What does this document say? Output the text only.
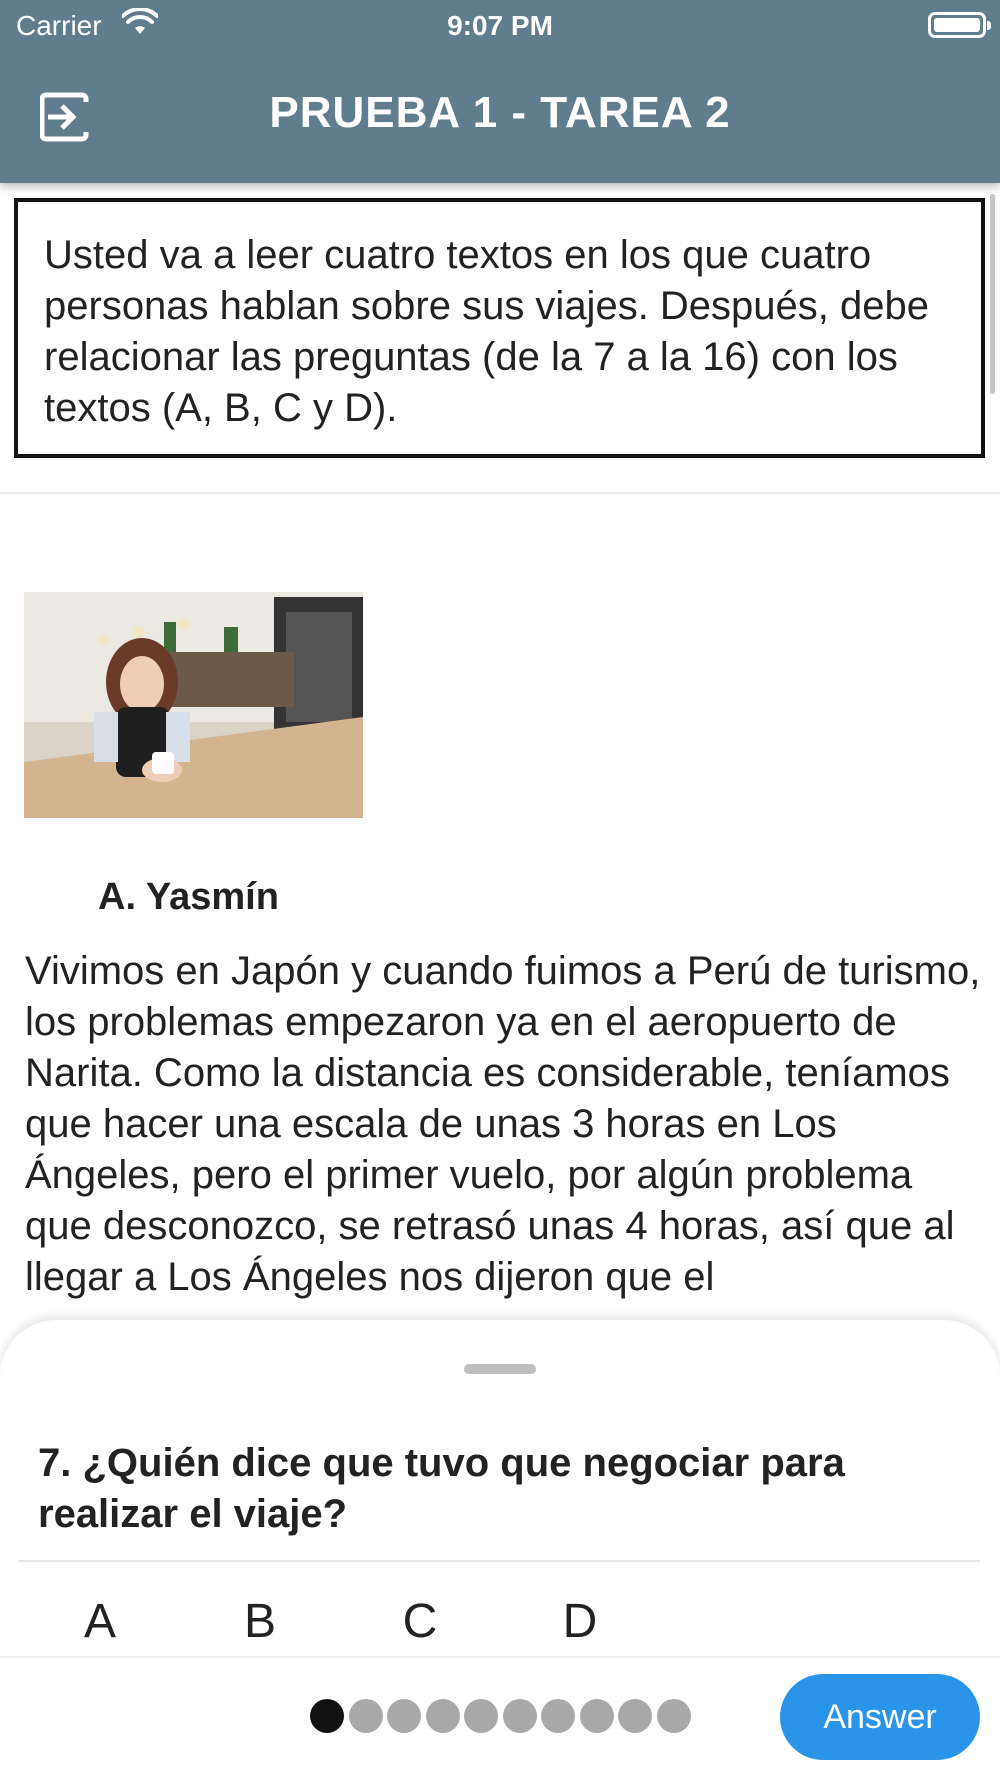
Carrier	9:07 PM
PRUEBA 1 - TAREA 2
Usted va a leer cuatro textos en los que cuatro personas hablan sobre sus viajes. Después, debe relacionar las preguntas (de la 7 a la 16) con los textos (A, B, C y D).
A. Yasmín
Vivimos en Japón y cuando fuimos a Perú de turismo, los problemas empezaron ya en el aeropuerto de Narita. Como la distancia es considerable, teníamos que hacer una escala de unas 3 horas en Los Ángeles, pero el primer vuelo, por algún problema que desconozco, se retrasó unas 4 horas, así que al llegar a Los Ángeles nos dijeron que el
7. ¿Quién dice que tuvo que negociar para realizar el viaje?
A	B	C	D
Answer
